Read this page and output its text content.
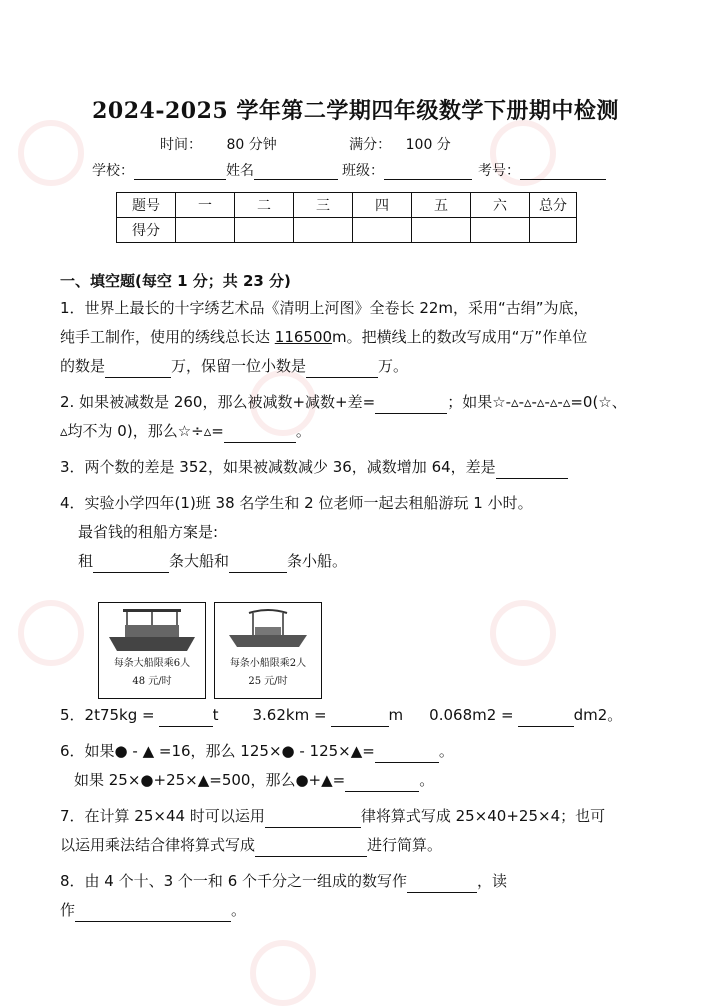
2024-2025 学年第二学期四年级数学下册期中检测
时间： 80 分钟	满分： 100 分
学校：	姓名	班级：	考号：
题号	一	二	三	四	五	六	总分
得分							
一、填空题(每空 1 分；共 23 分)
1．世界上最长的十字绣艺术品《清明上河图》全卷长 22m，采用“古绢”为底，
纯手工制作，使用的绣线总长达 116500m。把横线上的数改写成用“万”作单位
的数是	万，保留一位小数是	万。
2. 如果被减数是 260，那么被减数+减数+差=	；如果☆-▵-▵-▵-▵-▵=0(☆、
▵均不为 0)，那么☆÷▵=	。
3．两个数的差是 352，如果被减数减少 36，减数增加 64，差是
4．实验小学四年(1)班 38 名学生和 2 位老师一起去租船游玩 1 小时。
最省钱的租船方案是:
租	条大船和	条小船。
每条大船限乘6人
48 元/时
每条小船限乘2人
25 元/时
5．2t75kg =	t 3.62km =	m 0.068m2 =	dm2。
6．如果● - ▲ =16，那么 125×● - 125×▲=	。
如果 25×●+25×▲=500，那么●+▲=	。
7．在计算 25×44 时可以运用	律将算式写成 25×40+25×4；也可
以运用乘法结合律将算式写成	进行简算。
8．由 4 个十、3 个一和 6 个千分之一组成的数写作	，读
作	。
